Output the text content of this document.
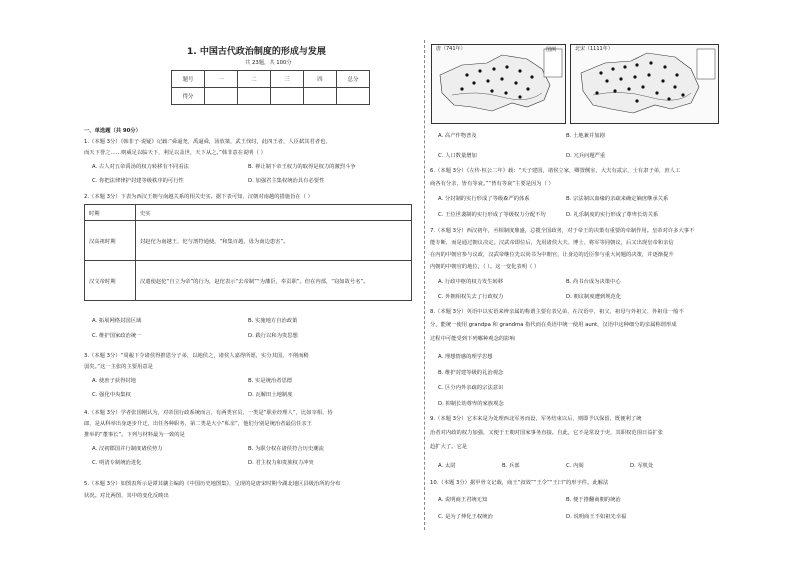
1. 中国古代政治制度的形成与发展
共 23题，共 100分
题号	一	二	三	四	总分
得分					
一、单选题（共 90分）
1.（本题 3分）《韩非子·说疑》记载:“舜逼尧，禹逼舜，汤放桀，武王伐纣，此四王者，人臣弑其君者也，
而天下誉之……则威足以临天下，利足以盖世，天下从之。”韩非意在说明（ ）
A. 古人对五帝禹汤的权力转移有不同看法	B. 禅让制下帝王权力的取得是权力的激烈斗争
C. 你把法律律护封建等级秩序的可行性	D. 加强君主集权统治具有必要性
2.（本题 3分）下表为西汉王朝与南越关系的相关史实。据下表可知，汉朝对南越的措施旨在（ ）
时期	史实
汉高祖时期	封赵佗为南越王，佗与剖符通使，“和集百越，毋为南边患害”。
汉文帝时期	汉遣使赵佗“自立为帝”的行为，赵佗表示“去帝制”“为藩臣，奉贡职”。但在内部，“窃如故号名”。
A. 拓展网络封国区域	B. 实施地方自治政策
C. 维护国家政治统一	D. 践行以和为贵思想
3.（本题 3分）“周赧下令诸侯得推恩分子弟，以地侯之，诸侯人嘉得所愿，实分其国，不削而稍
弱矣。”这一主张的主要用意是
A. 使庶子获得封地	B. 实是统治者思德
C. 强化中央集权	D. 瓦解田土地制度
4.（本题 3分）学者张国刚认为，对帝国行政系统而言，有两类官员，一类是“职业经理人”，比如宰相、侍
郎，是从科举出身逐步升迁，出任各种职务，第二类是大小“私亲”，他们分别是统治者最信任亲王
推举的“董事长”。下列与材料最为一致的是
A. 汉初郡国并行制度诸侯势力	B. 为职分权在诸侯符合历史潮流
C. 明清专制统治进化	D. 君主权力和贵族权力冲突
5.（本题 3分）如图表所示是谭其骧主编的《中国历史地图集》，呈现的是唐宋时期今湖北地区县级治所的分布
状况。对比两图，其中的变化反映出
唐（741年）	图例	北宋（1111年）
A. 高产作物普及	B. 土地兼并加剧
C. 人口数量增加	D. 冗兵问题严重
6.（本题 3分）《左传·桓公二年》载：“天子建国，诸侯立家，卿置侧室，大夫有贰宗，士有隶子弟，庶人工
商各有分亲，皆有等衰。”“皆有等衰”主要是因为（ ）
A. 分封制的实行形成了等级森严的体系	B. 宗法制以血缘的亲疏来确定嫡庶继承关系
C. 王位世袭制的实行形成了等级权力分配不均	D. 礼乐制度的实行形成了尊卑长幼关系
7.（本题 3分）西汉初年，丞相制度鼎盛，总揽全国政务，对于帝王的决策有重要的牵制作用。皇帝对许多大事不
能专断，而是通过朝议决定。汉武帝即位后，先用诸侯大夫、博士、将军等同朝议，后又出现皇帝和亲信
在内的中朝官参与议政，汉武帝继位先以尚书为中朝官，让身边的近臣参与重大问题的决策，并逐渐提升
内朝的中朝官的地位，（ ）。这一变化表明（ ）
A. 行政中枢的权力发生转移	B. 尚书台成为决策中心
C. 外朝相权失去了行政权力	D. 朝议制度遭到规范化
8.（本题 3分）英语中以实语来辨亲属的称谓主要有表兄弟，在汉语中，祖父、祖母与外祖父、外祖母一般不
分，能统一使用 grandpa 和 grandma 指代而在英语中统一使用 aunt，汉语中这种细分的亲属称谓形成
过程中可能受到下列哪种观念的影响
A. 理想情感的理学思想
B. 维护封建等级的礼治观念
C. 区分内外亲疏的宗法意识
D. 抑制长幼尊卑的家族观念
9.（本题 3分）它本来是为处理西北军务而设，军务结束以后，则即予以保留，既便利了统
治者对内政的权力加强，又便于王朝对国家事务直接。自此，它不是常设于吏，其职权范围日益扩张
趋扩大了。它是
A. 太尉	B. 兵部	C. 内阁	D. 军机处
10.（本题 3分）据甲骨文记载，商王“叔效”“王令”“王曰”的形字件。此解法
A. 说明商王君统无知	B. 便于推翻商朝的统治
C. 是为了伸化王权统治	D. 说明商王不如祖先幸福
